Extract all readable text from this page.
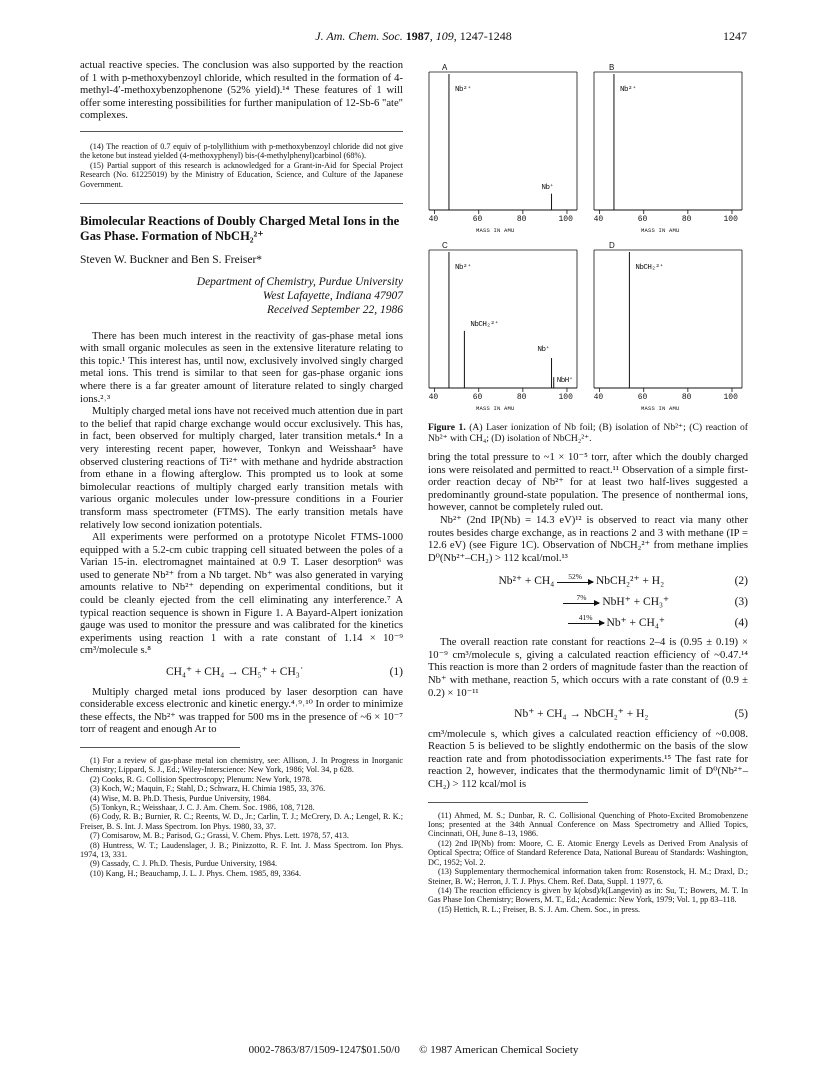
J. Am. Chem. Soc. 1987, 109, 1247-1248	1247

actual reactive species. The conclusion was also supported by the reaction of 1 with p-methoxybenzoyl chloride, which resulted in the formation of 4-methyl-4′-methoxybenzophenone (52% yield).¹⁴ These features of 1 will offer some interesting possibilities for further manipulation of 12-Sb-6 "ate" complexes.

(14) The reaction of 0.7 equiv of p-tolyllithium with p-methoxybenzoyl chloride did not give the ketone but instead yielded (4-methoxyphenyl) bis-(4-methylphenyl)carbinol (68%).

(15) Partial support of this research is acknowledged for a Grant-in-Aid for Special Project Research (No. 61225019) by the Ministry of Education, Science, and Culture of the Japanese Government.

Bimolecular Reactions of Doubly Charged Metal Ions in the Gas Phase. Formation of NbCH₂²⁺
Steven W. Buckner and Ben S. Freiser*
Department of Chemistry, Purdue University
West Lafayette, Indiana 47907
Received September 22, 1986

There has been much interest in the reactivity of gas-phase metal ions with small organic molecules as seen in the extensive literature relating to this topic.¹ This interest has, until now, exclusively involved singly charged metal ions. This trend is similar to that seen for gas-phase organic ions where there is a far greater amount of literature related to singly charged ions.²˒³

Multiply charged metal ions have not received much attention due in part to the belief that rapid charge exchange would occur exclusively. This has, in fact, been observed for multiply charged, later transition metals.⁴ In a very interesting recent paper, however, Tonkyn and Weisshaar⁵ have observed clustering reactions of Ti²⁺ with methane and hydride abstraction from ethane in a flowing afterglow. This prompted us to look at some bimolecular reactions of multiply charged early transition metals with various organic molecules under low-pressure conditions in a Fourier transform mass spectrometer (FTMS). The early transition metals have relatively low second ionization potentials.

All experiments were performed on a prototype Nicolet FTMS-1000 equipped with a 5.2-cm cubic trapping cell situated between the poles of a Varian 15-in. electromagnet maintained at 0.9 T. Laser desorption⁶ was used to generate Nb²⁺ from a Nb target. Nb⁺ was also generated in varying amounts relative to Nb²⁺ depending on experimental conditions, but it could be cleanly ejected from the cell eliminating any interference.⁷ A typical reaction sequence is shown in Figure 1. A Bayard-Alpert ionization gauge was used to monitor the pressure and was calibrated for the kinetics experiments using reaction 1 with a rate constant of 1.14 × 10⁻⁹ cm³/molecule s.⁸

CH₄⁺ + CH₄ → CH₅⁺ + CH₃˙	(1)

Multiply charged metal ions produced by laser desorption can have considerable excess electronic and kinetic energy.⁴˒⁹˒¹⁰ In order to minimize these effects, the Nb²⁺ was trapped for 500 ms in the presence of ~6 × 10⁻⁷ torr of reagent and enough Ar to

(1) For a review of gas-phase metal ion chemistry, see: Allison, J. In Progress in Inorganic Chemistry; Lippard, S. J., Ed.; Wiley-Interscience: New York, 1986; Vol. 34, p 628.

(2) Cooks, R. G. Collision Spectroscopy; Plenum: New York, 1978.

(3) Koch, W.; Maquin, F.; Stahl, D.; Schwarz, H. Chimia 1985, 33, 376.

(4) Wise, M. B. Ph.D. Thesis, Purdue University, 1984.

(5) Tonkyn, R.; Weisshaar, J. C. J. Am. Chem. Soc. 1986, 108, 7128.

(6) Cody, R. B.; Burnier, R. C.; Reents, W. D., Jr.; Carlin, T. J.; McCrery, D. A.; Lengel, R. K.; Freiser, B. S. Int. J. Mass Spectrom. Ion Phys. 1980, 33, 37.

(7) Comisarow, M. B.; Parisod, G.; Grassi, V. Chem. Phys. Lett. 1978, 57, 413.

(8) Huntress, W. T.; Laudenslager, J. B.; Pinizzotto, R. F. Int. J. Mass Spectrom. Ion Phys. 1974, 13, 331.

(9) Cassady, C. J. Ph.D. Thesis, Purdue University, 1984.

(10) Kang, H.; Beauchamp, J. L. J. Phys. Chem. 1985, 89, 3364.

A
Nb²⁺
Nb⁺
40	60	80	100
MASS IN AMU
B
Nb²⁺
40	60	80	100
MASS IN AMU
C
Nb²⁺
NbCH₂²⁺
Nb⁺
NbH⁺
40	60	80	100
MASS IN AMU
D
NbCH₂²⁺
40	60	80	100
MASS IN AMU

Figure 1. (A) Laser ionization of Nb foil; (B) isolation of Nb²⁺; (C) reaction of Nb²⁺ with CH₄; (D) isolation of NbCH₂²⁺.

bring the total pressure to ~1 × 10⁻⁵ torr, after which the doubly charged ions were reisolated and permitted to react.¹¹ Observation of a simple first-order reaction decay of Nb²⁺ for at least two half-lives suggested a predominantly ground-state population. The presence of nonthermal ions, however, cannot be completely ruled out.

Nb²⁺ (2nd IP(Nb) = 14.3 eV)¹² is observed to react via many other routes besides charge exchange, as in reactions 2 and 3 with methane (IP = 12.6 eV) (see Figure 1C). Observation of NbCH₂²⁺ from methane implies D⁰(Nb²⁺–CH₂) > 112 kcal/mol.¹³

Nb²⁺ + CH₄	52%	NbCH₂²⁺ + H₂	(2)
7%	NbH⁺ + CH₃⁺	(3)
41%	Nb⁺ + CH₄⁺	(4)

The overall reaction rate constant for reactions 2–4 is (0.95 ± 0.19) × 10⁻⁹ cm³/molecule s, giving a calculated reaction efficiency of ~0.47.¹⁴ This reaction is more than 2 orders of magnitude faster than the reaction of Nb⁺ with methane, reaction 5, which occurs with a rate constant of (0.9 ± 0.2) × 10⁻¹¹

Nb⁺ + CH₄ → NbCH₂⁺ + H₂	(5)

cm³/molecule s, which gives a calculated reaction efficiency of ~0.008. Reaction 5 is believed to be slightly endothermic on the basis of the slow reaction rate and from photodissociation experiments.¹⁵ The fast rate for reaction 2, however, indicates that the thermodynamic limit of D⁰(Nb²⁺–CH₂) > 112 kcal/mol is

(11) Ahmed, M. S.; Dunbar, R. C. Collisional Quenching of Photo-Excited Bromobenzene Ions; presented at the 34th Annual Conference on Mass Spectrometry and Allied Topics, Cincinnati, OH, June 8–13, 1986.

(12) 2nd IP(Nb) from: Moore, C. E. Atomic Energy Levels as Derived From Analysis of Optical Spectra; Office of Standard Reference Data, National Bureau of Standards: Washington, DC, 1952; Vol. 2.

(13) Supplementary thermochemical information taken from: Rosenstock, H. M.; Draxl, D.; Steiner, B. W.; Herron, J. T. J. Phys. Chem. Ref. Data, Suppl. 1 1977, 6.

(14) The reaction efficiency is given by k(obsd)/k(Langevin) as in: Su, T.; Bowers, M. T. In Gas Phase Ion Chemistry; Bowers, M. T., Ed.; Academic: New York, 1979; Vol. 1, pp 83–118.

(15) Hettich, R. L.; Freiser, B. S. J. Am. Chem. Soc., in press.

0002-7863/87/1509-1247$01.50/0 © 1987 American Chemical Society
